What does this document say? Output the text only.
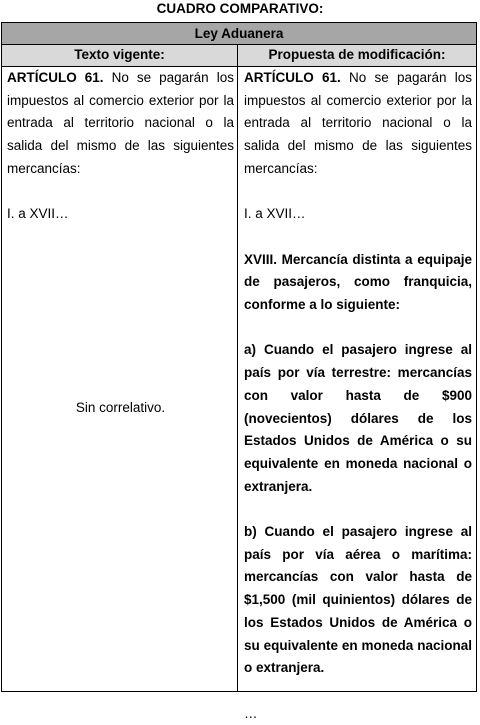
CUADRO COMPARATIVO:
Ley Aduanera
Texto vigente:	Propuesta de modificación:
ARTÍCULO 61. No se pagarán los impuestos al comercio exterior por la entrada al territorio nacional o la salida del mismo de las siguientes mercancías:
I. a XVII…
Sin correlativo.
ARTÍCULO 61. No se pagarán los impuestos al comercio exterior por la entrada al territorio nacional o la salida del mismo de las siguientes mercancías:
I. a XVII…
XVIII. Mercancía distinta a equipaje de pasajeros, como franquicia, conforme a lo siguiente:
a) Cuando el pasajero ingrese al país por vía terrestre: mercancías con valor hasta de $900 (novecientos) dólares de los Estados Unidos de América o su equivalente en moneda nacional o extranjera.
b) Cuando el pasajero ingrese al país por vía aérea o marítima: mercancías con valor hasta de $1,500 (mil quinientos) dólares de los Estados Unidos de América o su equivalente en moneda nacional o extranjera.
…
